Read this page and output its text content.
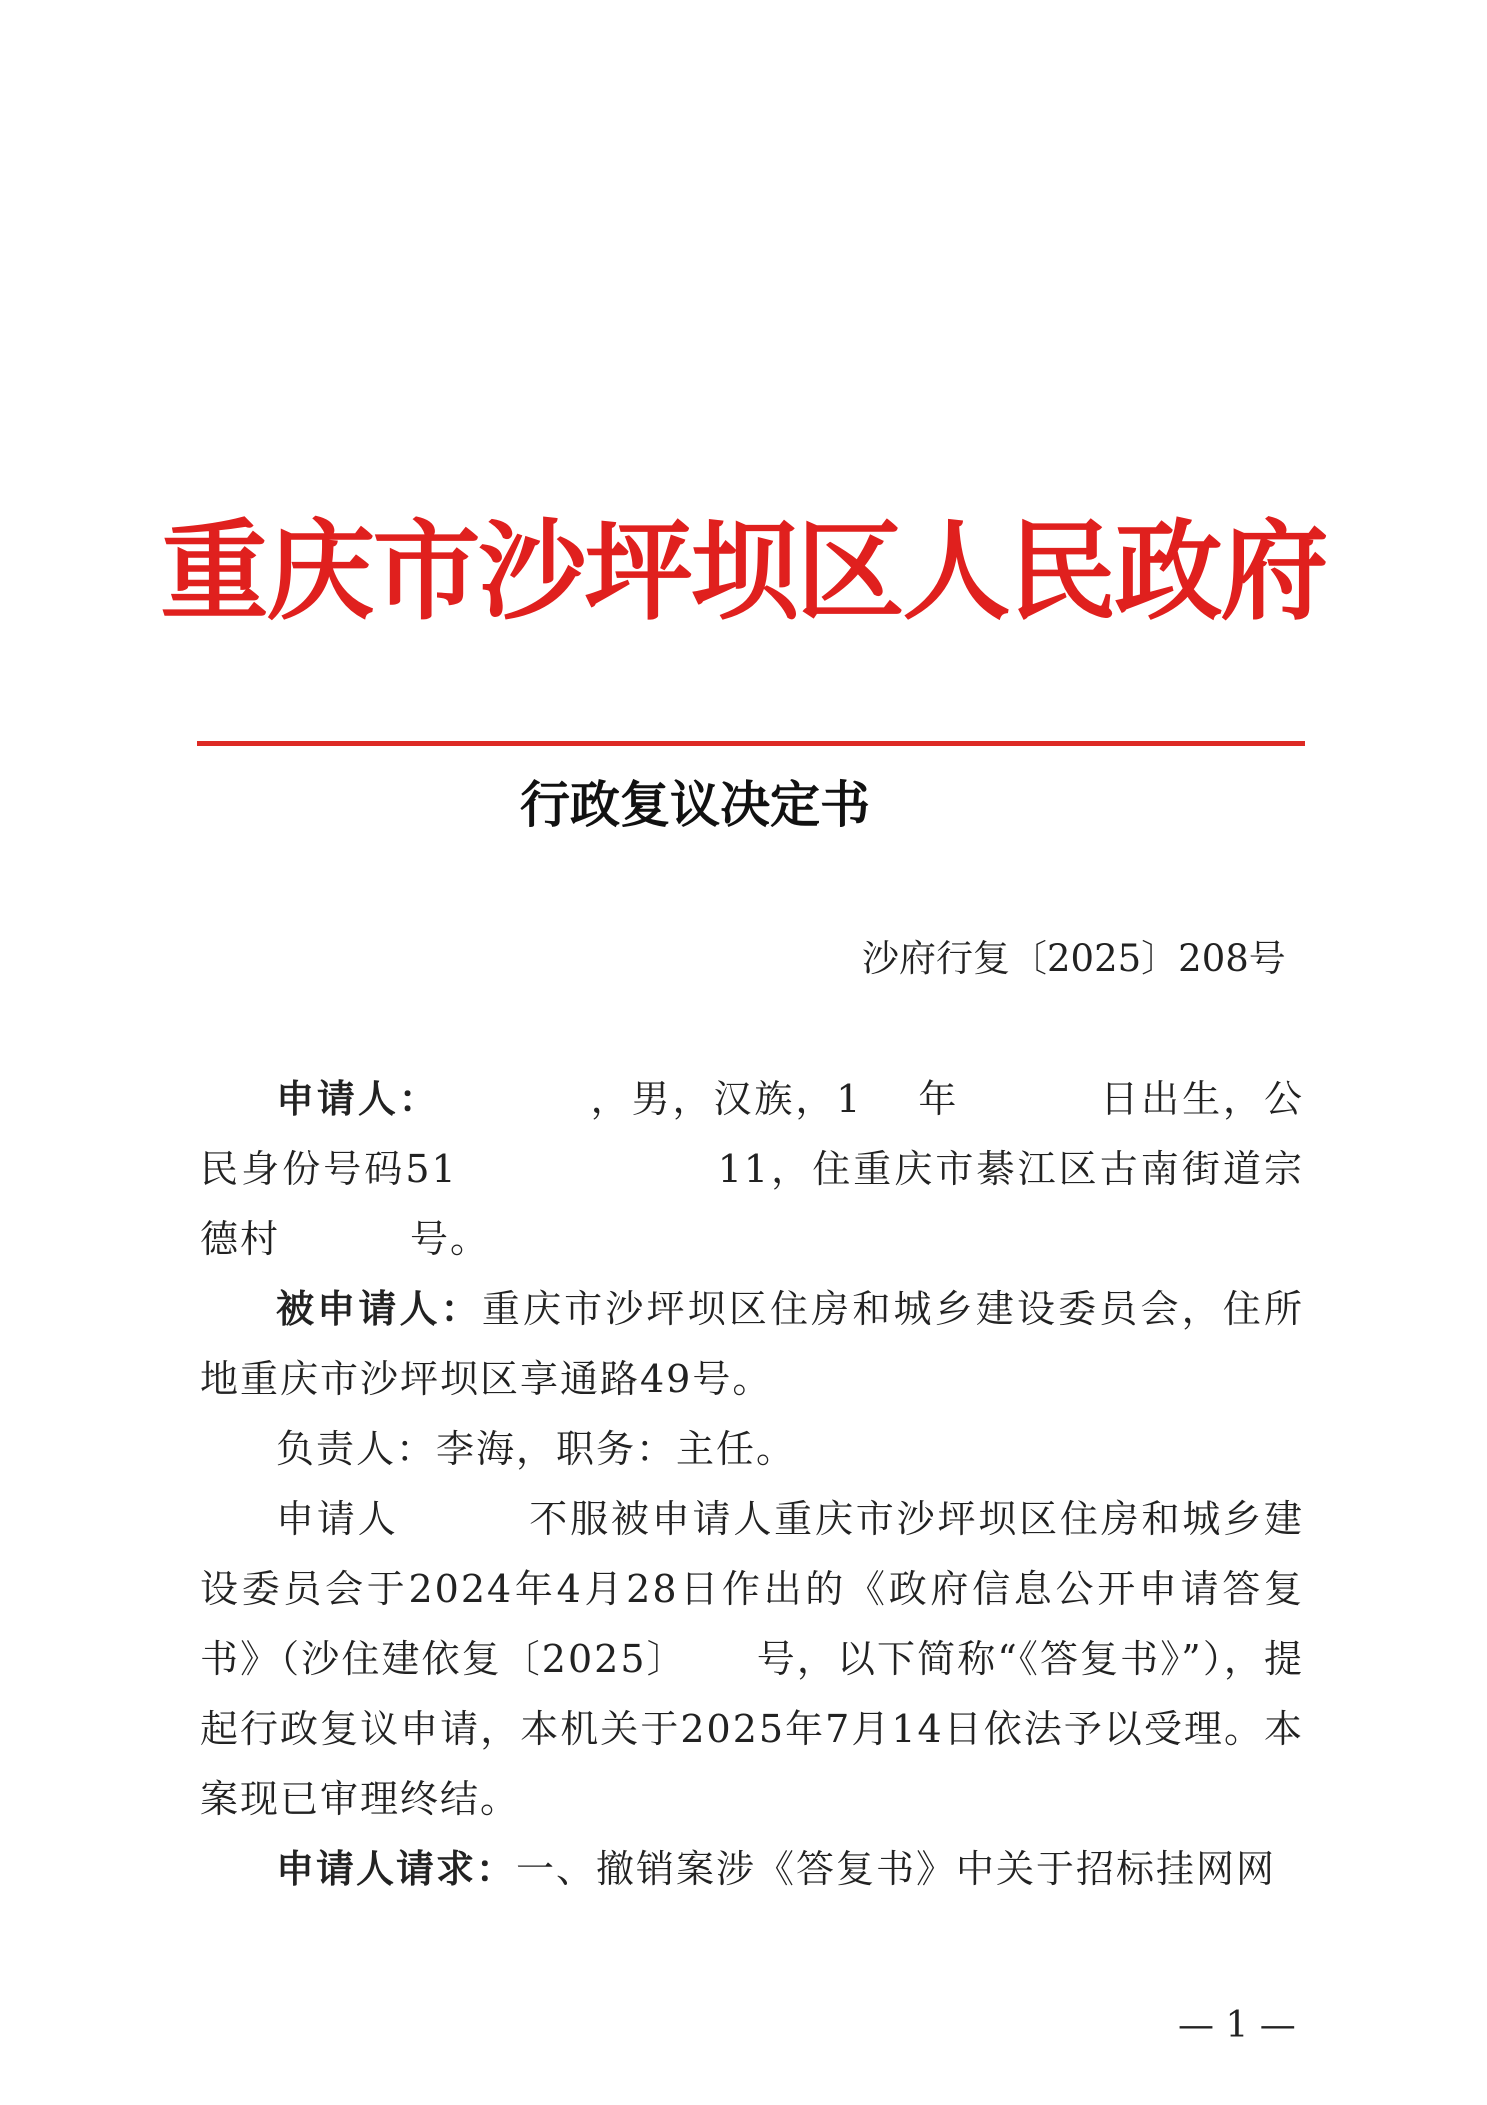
重庆市沙坪坝区人民政府
行政复议决定书
沙府行复〔2025〕208号

申请人：	，男，汉族，1 年	日出生，公民身份号码51	11，住重庆市綦江区古南街道宗德村	号。

被申请人：重庆市沙坪坝区住房和城乡建设委员会，住所地重庆市沙坪坝区享通路49号。

负责人：李海，职务：主任。

申请人	不服被申请人重庆市沙坪坝区住房和城乡建设委员会于2024年4月28日作出的《政府信息公开申请答复书》（沙住建依复〔2025〕 号，以下简称“《答复书》”），提起行政复议申请，本机关于2025年7月14日依法予以受理。本案现已审理终结。

申请人请求：一、撤销案涉《答复书》中关于招标挂网网

— 1 —
